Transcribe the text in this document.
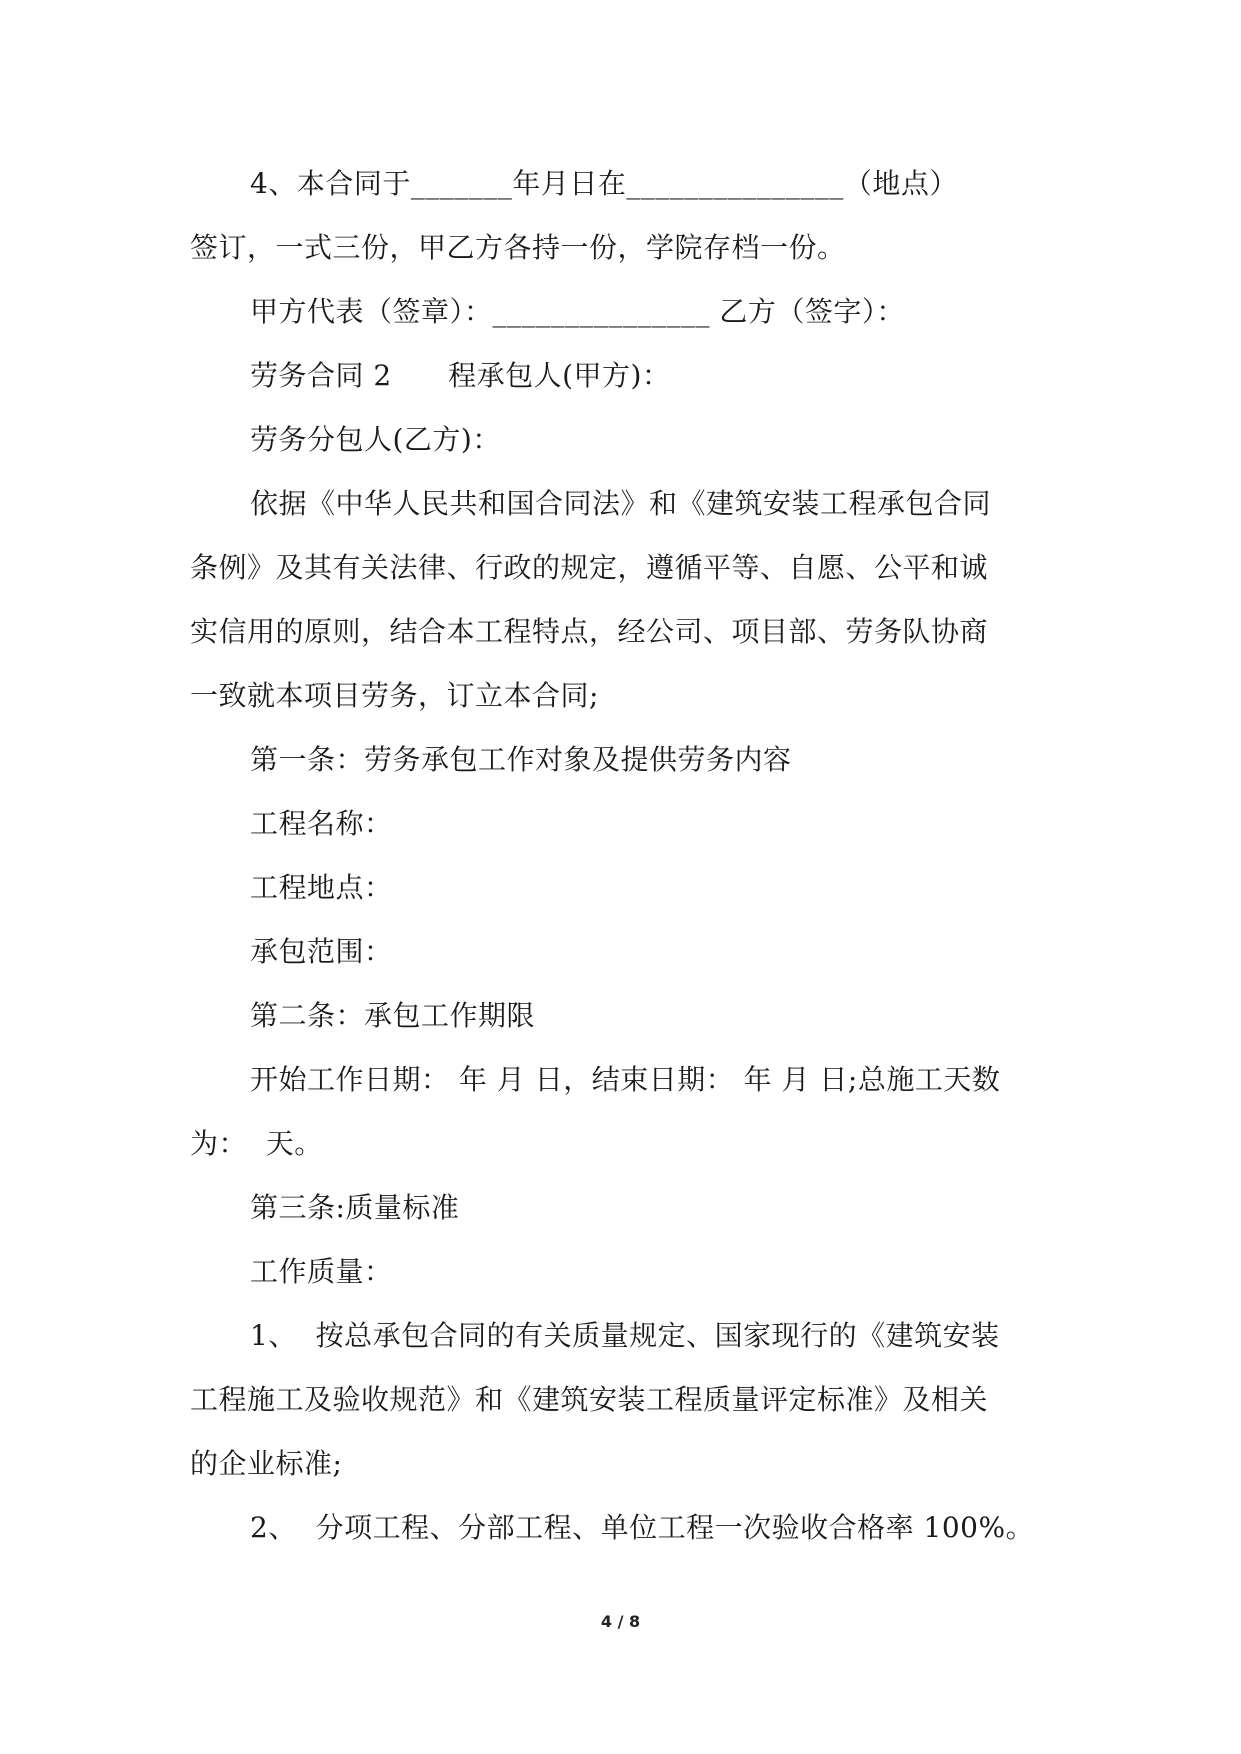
4、本合同于_______年月日在_______________（地点）
签订，一式三份，甲乙方各持一份，学院存档一份。
甲方代表（签章）：_______________ 乙方（签字）：
劳务合同 2      程承包人(甲方)：
劳务分包人(乙方)：
依据《中华人民共和国合同法》和《建筑安装工程承包合同
条例》及其有关法律、行政的规定，遵循平等、自愿、公平和诚
实信用的原则，结合本工程特点，经公司、项目部、劳务队协商
一致就本项目劳务，订立本合同;
第一条：劳务承包工作对象及提供劳务内容
工程名称：
工程地点：
承包范围：
第二条：承包工作期限
开始工作日期： 年 月 日，结束日期： 年 月 日;总施工天数
为：  天。
第三条:质量标准
工作质量：
1、  按总承包合同的有关质量规定、国家现行的《建筑安装
工程施工及验收规范》和《建筑安装工程质量评定标准》及相关
的企业标准;
2、  分项工程、分部工程、单位工程一次验收合格率 100%。
4 / 8
